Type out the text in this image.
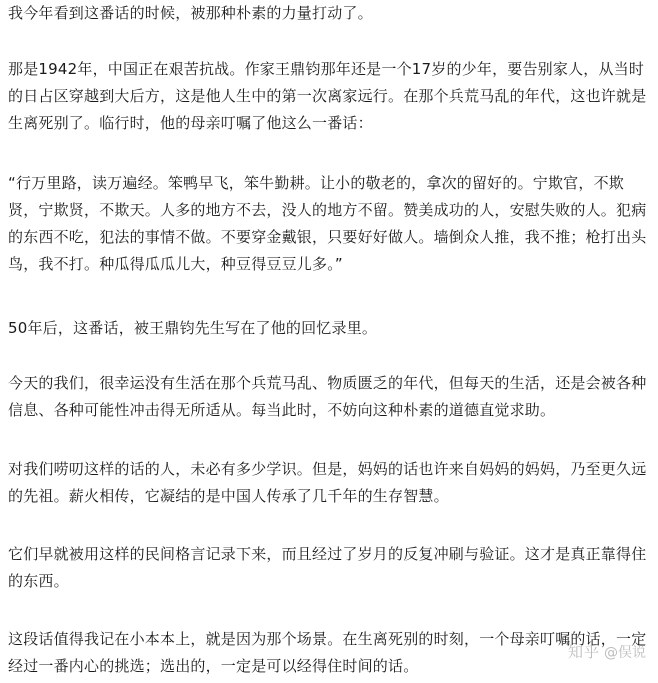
我今年看到这番话的时候，被那种朴素的力量打动了。

那是1942年，中国正在艰苦抗战。作家王鼎钧那年还是一个17岁的少年，要告别家人，从当时的日占区穿越到大后方，这是他人生中的第一次离家远行。在那个兵荒马乱的年代，这也许就是生离死别了。临行时，他的母亲叮嘱了他这么一番话：

“行万里路，读万遍经。笨鸭早飞，笨牛勤耕。让小的敬老的，拿次的留好的。宁欺官，不欺贤，宁欺贤，不欺天。人多的地方不去，没人的地方不留。赞美成功的人，安慰失败的人。犯病的东西不吃，犯法的事情不做。不要穿金戴银，只要好好做人。墙倒众人推，我不推；枪打出头鸟，我不打。种瓜得瓜瓜儿大，种豆得豆豆儿多。”

50年后，这番话，被王鼎钧先生写在了他的回忆录里。

今天的我们，很幸运没有生活在那个兵荒马乱、物质匮乏的年代，但每天的生活，还是会被各种信息、各种可能性冲击得无所适从。每当此时，不妨向这种朴素的道德直觉求助。

对我们唠叨这样的话的人，未必有多少学识。但是，妈妈的话也许来自妈妈的妈妈，乃至更久远的先祖。薪火相传，它凝结的是中国人传承了几千年的生存智慧。

它们早就被用这样的民间格言记录下来，而且经过了岁月的反复冲刷与验证。这才是真正靠得住的东西。

这段话值得我记在小本本上，就是因为那个场景。在生离死别的时刻，一个母亲叮嘱的话，一定经过一番内心的挑选；选出的，一定是可以经得住时间的话。

知乎 @俣说
